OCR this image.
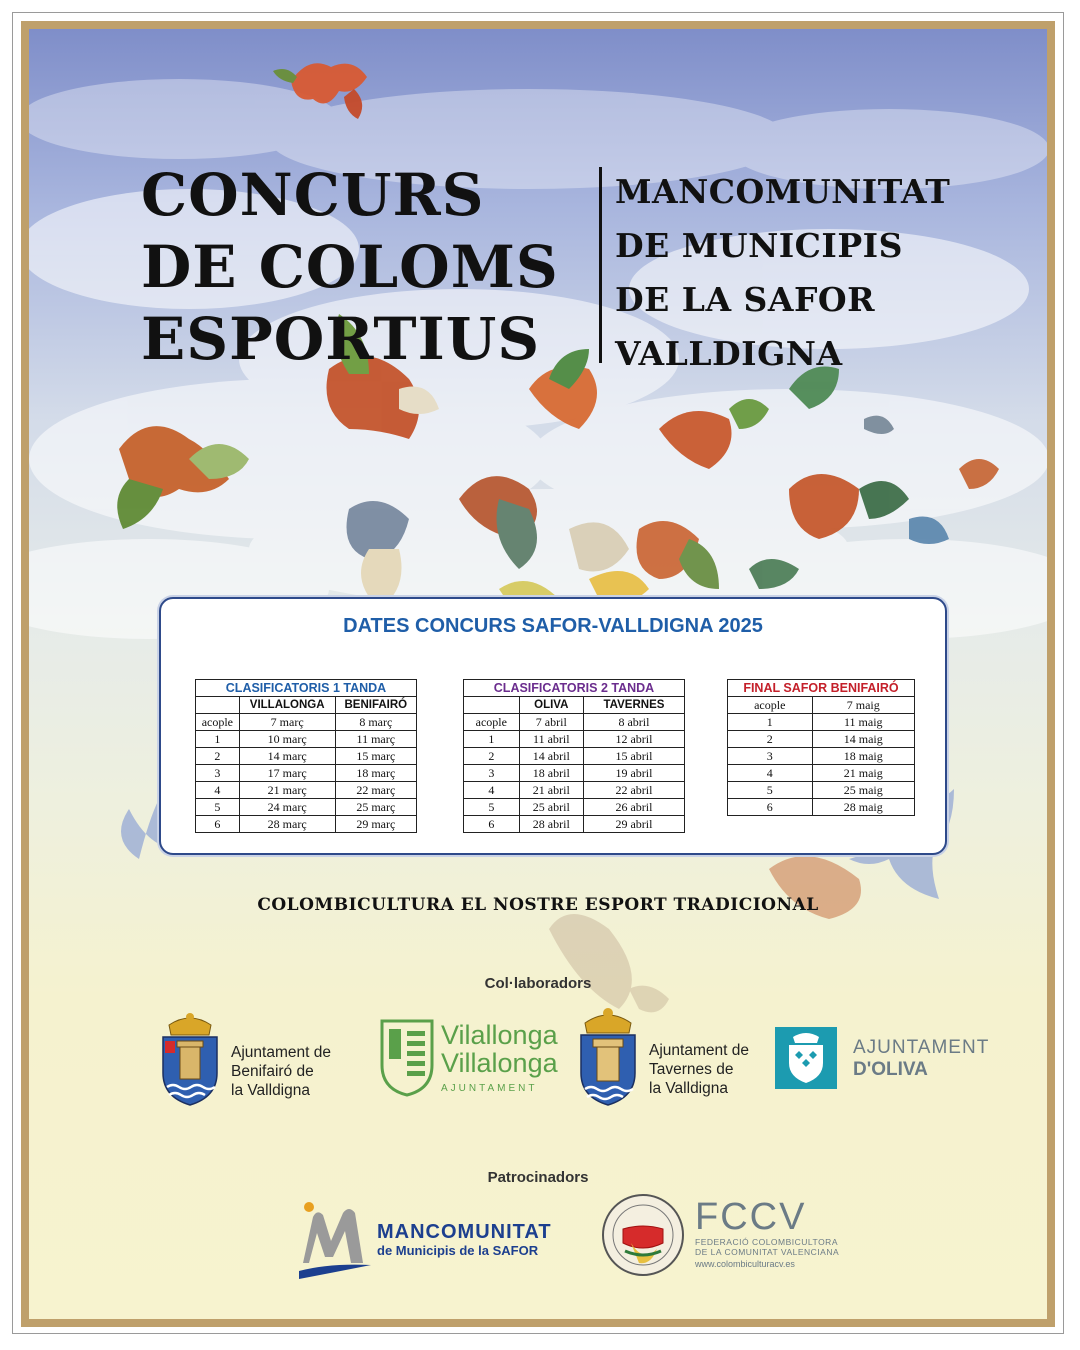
CONCURS
DE COLOMS
ESPORTIUS
MANCOMUNITAT
DE MUNICIPIS
DE LA SAFOR
VALLDIGNA
DATES CONCURS SAFOR-VALLDIGNA 2025
CLASIFICATORIS 1 TANDA		
	VILLALONGA	BENIFAIRÓ
acople	7 març	8 març
1	10 març	11 març
2	14 març	15 març
3	17 març	18 març
4	21 març	22 març
5	24 març	25 març
6	28 març	29 març
CLASIFICATORIS 2 TANDA		
	OLIVA	TAVERNES
acople	7 abril	8 abril
1	11 abril	12 abril
2	14 abril	15 abril
3	18 abril	19 abril
4	21 abril	22 abril
5	25 abril	26 abril
6	28 abril	29 abril
FINAL SAFOR BENIFAIRÓ	
acople	7 maig
1	11 maig
2	14 maig
3	18 maig
4	21 maig
5	25 maig
6	28 maig
COLOMBICULTURA EL NOSTRE ESPORT TRADICIONAL
Col·laboradors
Ajuntament de
Benifairó de
la Valldigna
Vilallonga
Villalonga
AJUNTAMENT
Ajuntament de
Tavernes de
la Valldigna
AJUNTAMENT
D'OLIVA
Patrocinadors
MANCOMUNITAT
de Municipis de la SAFOR
FCCV
FEDERACIÓ COLOMBICULTORA
DE LA COMUNITAT VALENCIANA
www.colombiculturacv.es
